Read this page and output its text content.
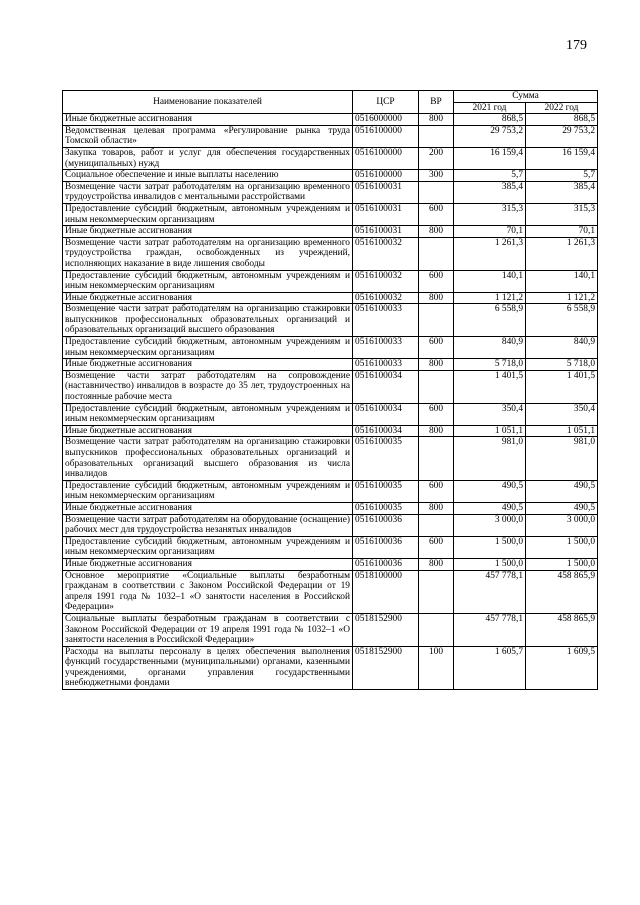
179
Наименование показателей	ЦСР	ВР	Сумма	
			2021 год	2022 год
Иные бюджетные ассигнования	0516000000	800	868,5	868,5
Ведомственная целевая программа «Регулирование рынка труда Томской области»	0516100000		29 753,2	29 753,2
Закупка товаров, работ и услуг для обеспечения государственных (муниципальных) нужд	0516100000	200	16 159,4	16 159,4
Социальное обеспечение и иные выплаты населению	0516100000	300	5,7	5,7
Возмещение части затрат работодателям на организацию временного трудоустройства инвалидов с ментальными расстройствами	0516100031		385,4	385,4
Предоставление субсидий бюджетным, автономным учреждениям и иным некоммерческим организациям	0516100031	600	315,3	315,3
Иные бюджетные ассигнования	0516100031	800	70,1	70,1
Возмещение части затрат работодателям на организацию временного трудоустройства граждан, освобожденных из учреждений, исполняющих наказание в виде лишения свободы	0516100032		1 261,3	1 261,3
Предоставление субсидий бюджетным, автономным учреждениям и иным некоммерческим организациям	0516100032	600	140,1	140,1
Иные бюджетные ассигнования	0516100032	800	1 121,2	1 121,2
Возмещение части затрат работодателям на организацию стажировки выпускников профессиональных образовательных организаций и образовательных организаций высшего образования	0516100033		6 558,9	6 558,9
Предоставление субсидий бюджетным, автономным учреждениям и иным некоммерческим организациям	0516100033	600	840,9	840,9
Иные бюджетные ассигнования	0516100033	800	5 718,0	5 718,0
Возмещение части затрат работодателям на сопровождение (наставничество) инвалидов в возрасте до 35 лет, трудоустроенных на постоянные рабочие места	0516100034		1 401,5	1 401,5
Предоставление субсидий бюджетным, автономным учреждениям и иным некоммерческим организациям	0516100034	600	350,4	350,4
Иные бюджетные ассигнования	0516100034	800	1 051,1	1 051,1
Возмещение части затрат работодателям на организацию стажировки выпускников профессиональных образовательных организаций и образовательных организаций высшего образования из числа инвалидов	0516100035		981,0	981,0
Предоставление субсидий бюджетным, автономным учреждениям и иным некоммерческим организациям	0516100035	600	490,5	490,5
Иные бюджетные ассигнования	0516100035	800	490,5	490,5
Возмещение части затрат работодателям на оборудование (оснащение) рабочих мест для трудоустройства незанятых инвалидов	0516100036		3 000,0	3 000,0
Предоставление субсидий бюджетным, автономным учреждениям и иным некоммерческим организациям	0516100036	600	1 500,0	1 500,0
Иные бюджетные ассигнования	0516100036	800	1 500,0	1 500,0
Основное мероприятие «Социальные выплаты безработным гражданам в соответствии с Законом Российской Федерации от 19 апреля 1991 года № 1032–1 «О занятости населения в Российской Федерации»	0518100000		457 778,1	458 865,9
Социальные выплаты безработным гражданам в соответствии с Законом Российской Федерации от 19 апреля 1991 года № 1032–1 «О занятости населения в Российской Федерации»	0518152900		457 778,1	458 865,9
Расходы на выплаты персоналу в целях обеспечения выполнения функций государственными (муниципальными) органами, казенными учреждениями, органами управления государственными внебюджетными фондами	0518152900	100	1 605,7	1 609,5
